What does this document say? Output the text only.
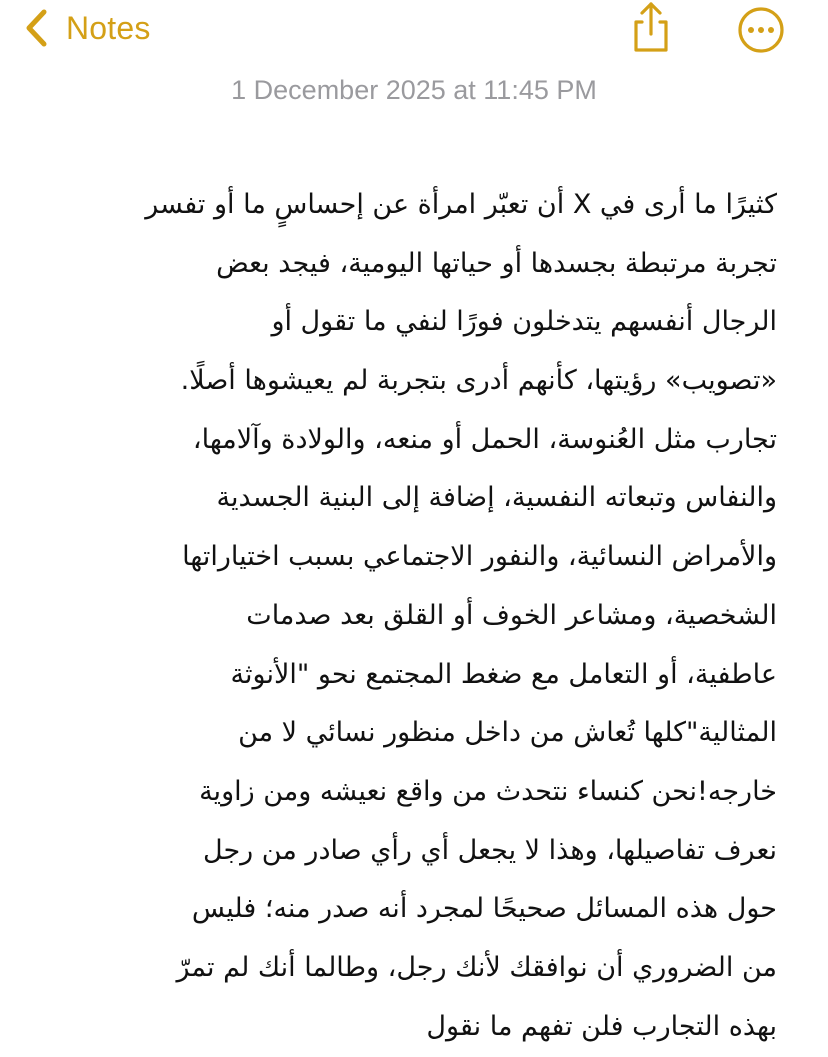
Notes
1 December 2025 at 11:45 PM
كثيرًا ما أرى في X أن تعبّر امرأة عن إحساسٍ ما أو تفسر
تجربة مرتبطة بجسدها أو حياتها اليومية، فيجد بعض
الرجال أنفسهم يتدخلون فورًا لنفي ما تقول أو
«تصويب» رؤيتها، كأنهم أدرى بتجربة لم يعيشوها أصلًا.
تجارب مثل العُنوسة، الحمل أو منعه، والولادة وآلامها،
والنفاس وتبعاته النفسية، إضافة إلى البنية الجسدية
والأمراض النسائية، والنفور الاجتماعي بسبب اختياراتها
الشخصية، ومشاعر الخوف أو القلق بعد صدمات
عاطفية، أو التعامل مع ضغط المجتمع نحو "الأنوثة
المثالية"كلها تُعاش من داخل منظور نسائي لا من
خارجه!نحن كنساء نتحدث من واقع نعيشه ومن زاوية
نعرف تفاصيلها، وهذا لا يجعل أي رأي صادر من رجل
حول هذه المسائل صحيحًا لمجرد أنه صدر منه؛ فليس
من الضروري أن نوافقك لأنك رجل، وطالما أنك لم تمرّ
بهذه التجارب فلن تفهم ما نقول
